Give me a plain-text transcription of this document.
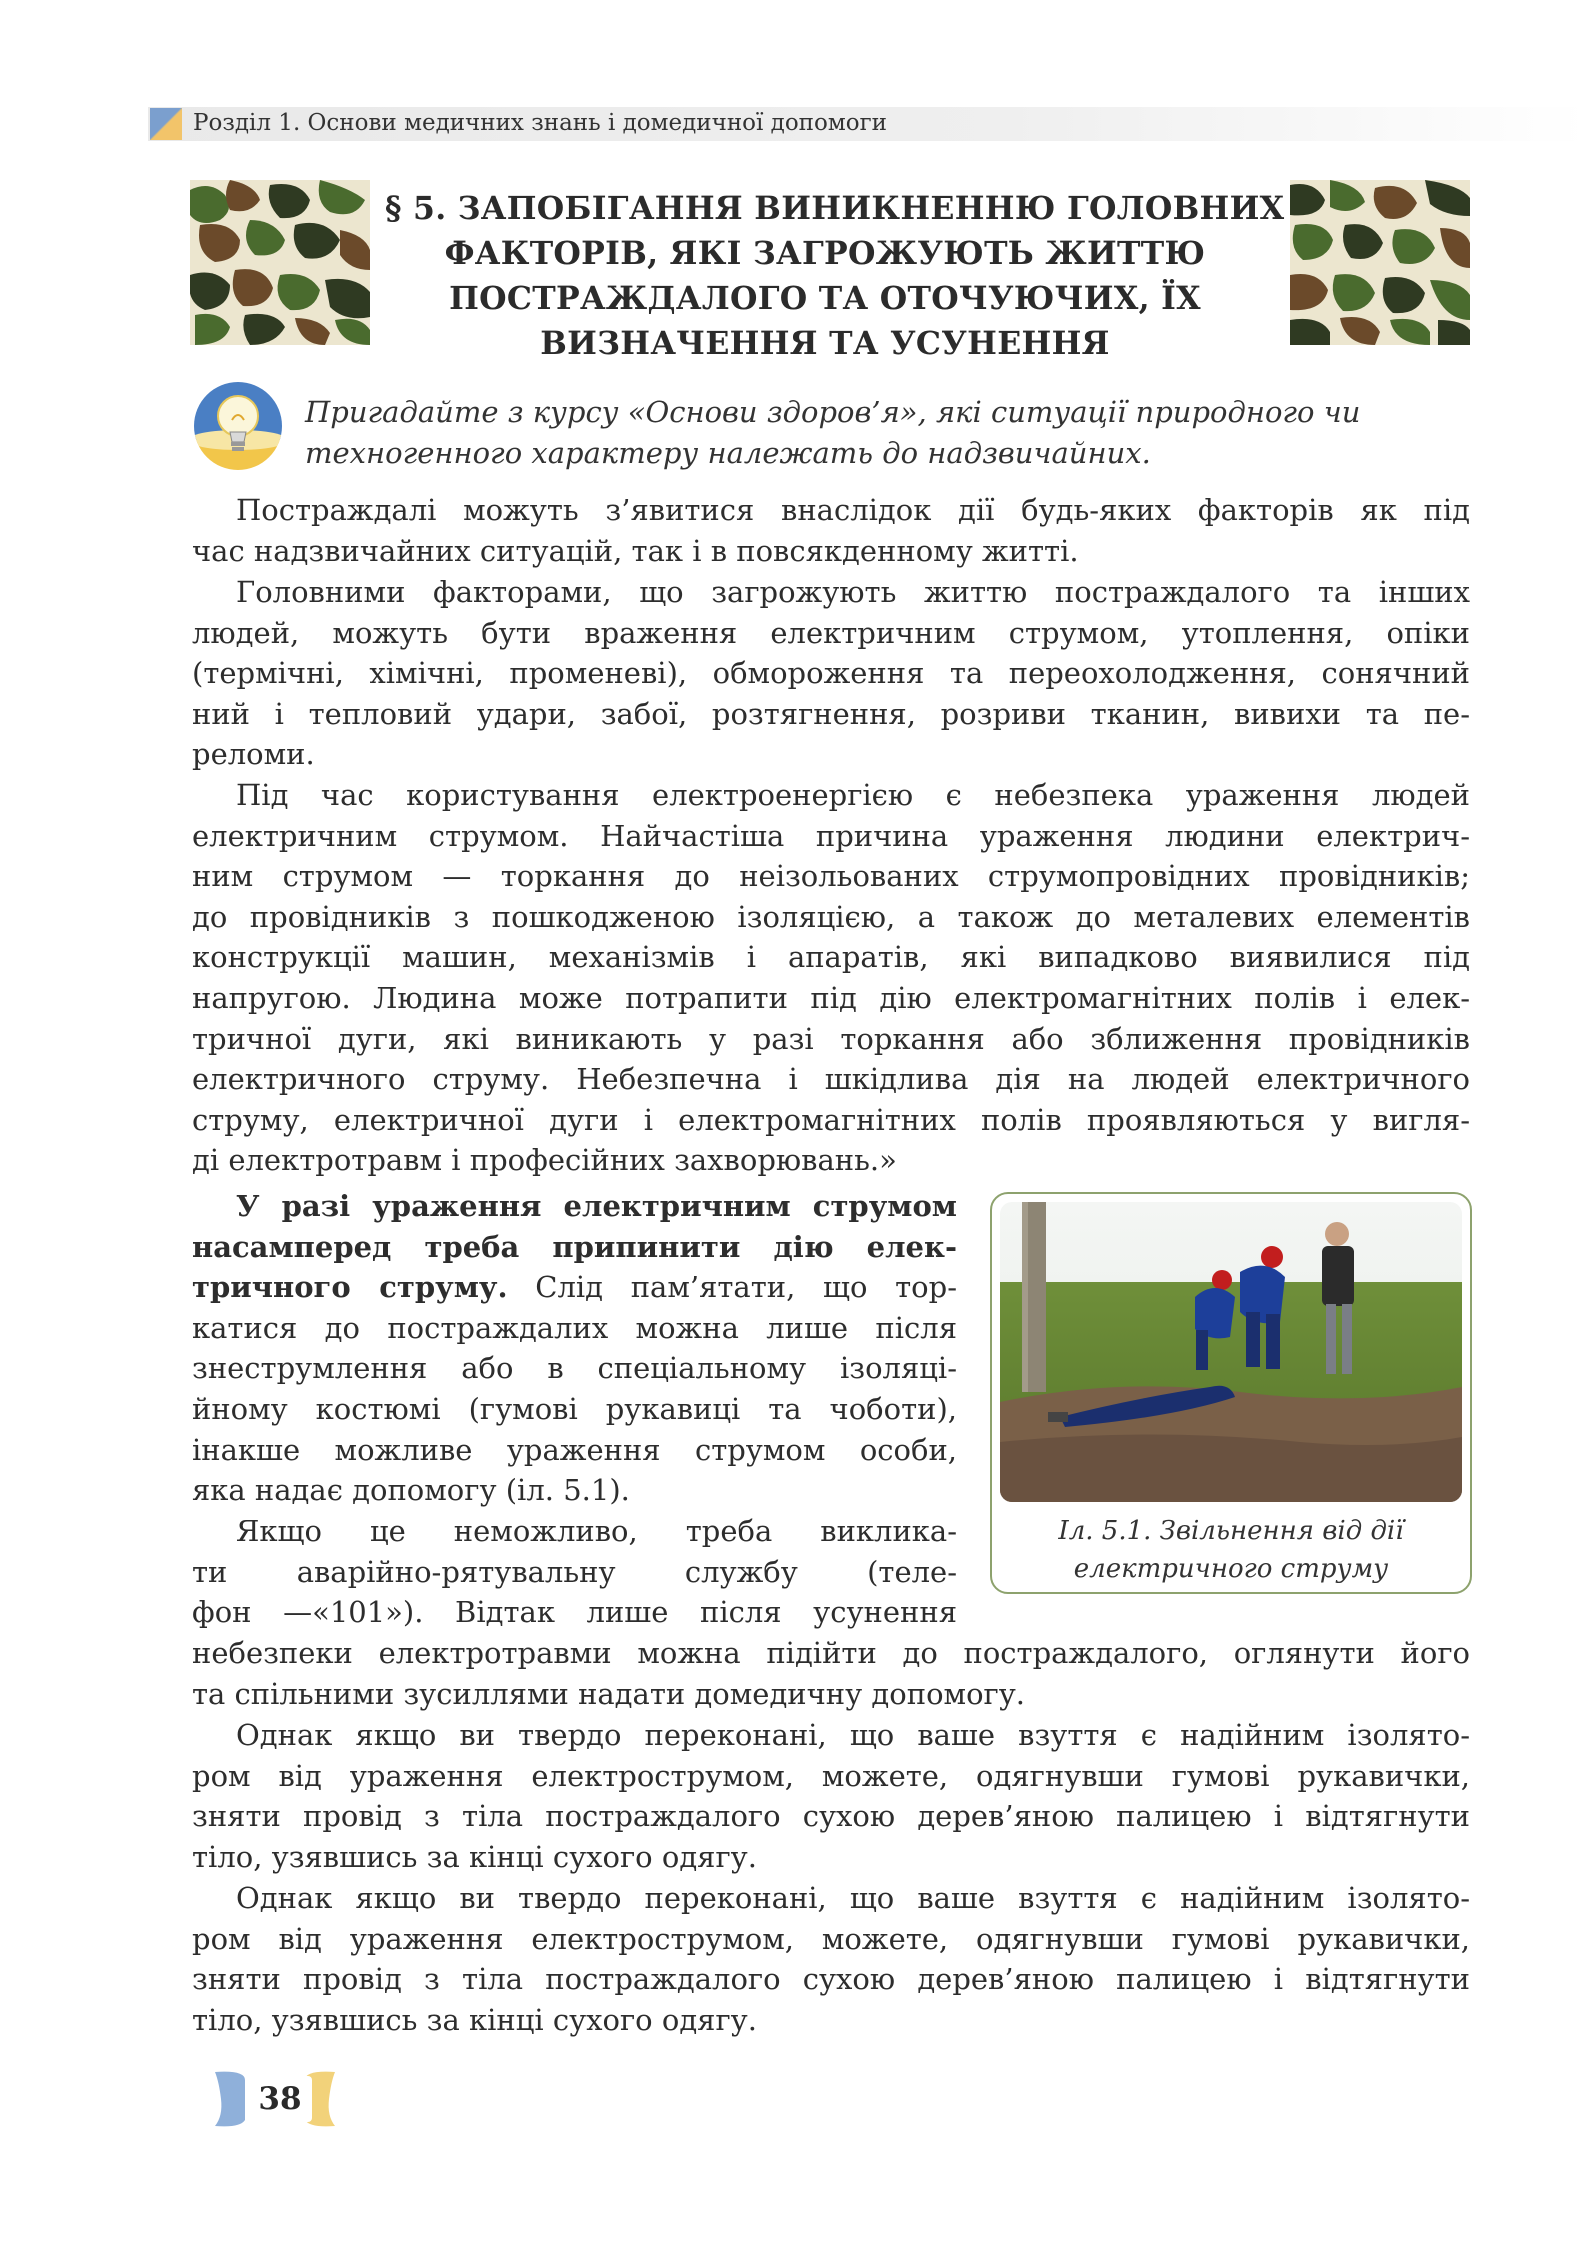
Розділ 1. Основи медичних знань і домедичної допомоги
§ 5. ЗАПОБІГАННЯ ВИНИКНЕННЮ ГОЛОВНИХ
ФАКТОРІВ, ЯКІ ЗАГРОЖУЮТЬ ЖИТТЮ
ПОСТРАЖДАЛОГО ТА ОТОЧУЮЧИХ, ЇХ
ВИЗНАЧЕННЯ ТА УСУНЕННЯ
Пригадайте з курсу «Основи здоров’я», які ситуації природного чи
техногенного характеру належать до надзвичайних.
Постраждалі можуть з’явитися внаслідок дії будь-яких факторів як під
час надзвичайних ситуацій, так і в повсякденному житті.
Головними факторами, що загрожують життю постраждалого та інших
людей, можуть бути враження електричним струмом, утоплення, опіки
(термічні, хімічні, променеві), обмороження та переохолодження, сонячний
ний і тепловий удари, забої, розтягнення, розриви тканин, вивихи та пе-
реломи.
Під час користування електроенергією є небезпека ураження людей
електричним струмом. Найчастіша причина ураження людини електрич-
ним струмом — торкання до неізольованих струмопровідних провідників;
до провідників з пошкодженою ізоляцією, а також до металевих елементів
конструкції машин, механізмів і апаратів, які випадково виявилися під
напругою. Людина може потрапити під дію електромагнітних полів і елек-
тричної дуги, які виникають у разі торкання або зближення провідників
електричного струму. Небезпечна і шкідлива дія на людей електричного
струму, електричної дуги і електромагнітних полів проявляються у вигля-
ді електротравм і професійних захворювань.»
У разі ураження електричним струмом
насамперед треба припинити дію елек-
тричного струму. Слід пам’ятати, що тор-
катися до постраждалих можна лише після
знеструмлення або в спеціальному ізоляці-
йному костюмі (гумові рукавиці та чоботи),
інакше можливе ураження струмом особи,
яка надає допомогу (іл. 5.1).
Якщо це неможливо, треба виклика-
ти аварійно-рятувальну службу (теле-
фон —«101»). Відтак лише після усунення
небезпеки електротравми можна підійти до постраждалого, оглянути його
та спільними зусиллями надати домедичну допомогу.
Однак якщо ви твердо переконані, що ваше взуття є надійним ізолято-
ром від ураження електрострумом, можете, одягнувши гумові рукавички,
зняти провід з тіла постраждалого сухою дерев’яною палицею і відтягнути
тіло, узявшись за кінці сухого одягу.
Однак якщо ви твердо переконані, що ваше взуття є надійним ізолято-
ром від ураження електрострумом, можете, одягнувши гумові рукавички,
зняти провід з тіла постраждалого сухою дерев’яною палицею і відтягнути
тіло, узявшись за кінці сухого одягу.
Іл. 5.1. Звільнення від дії
електричного струму
38
